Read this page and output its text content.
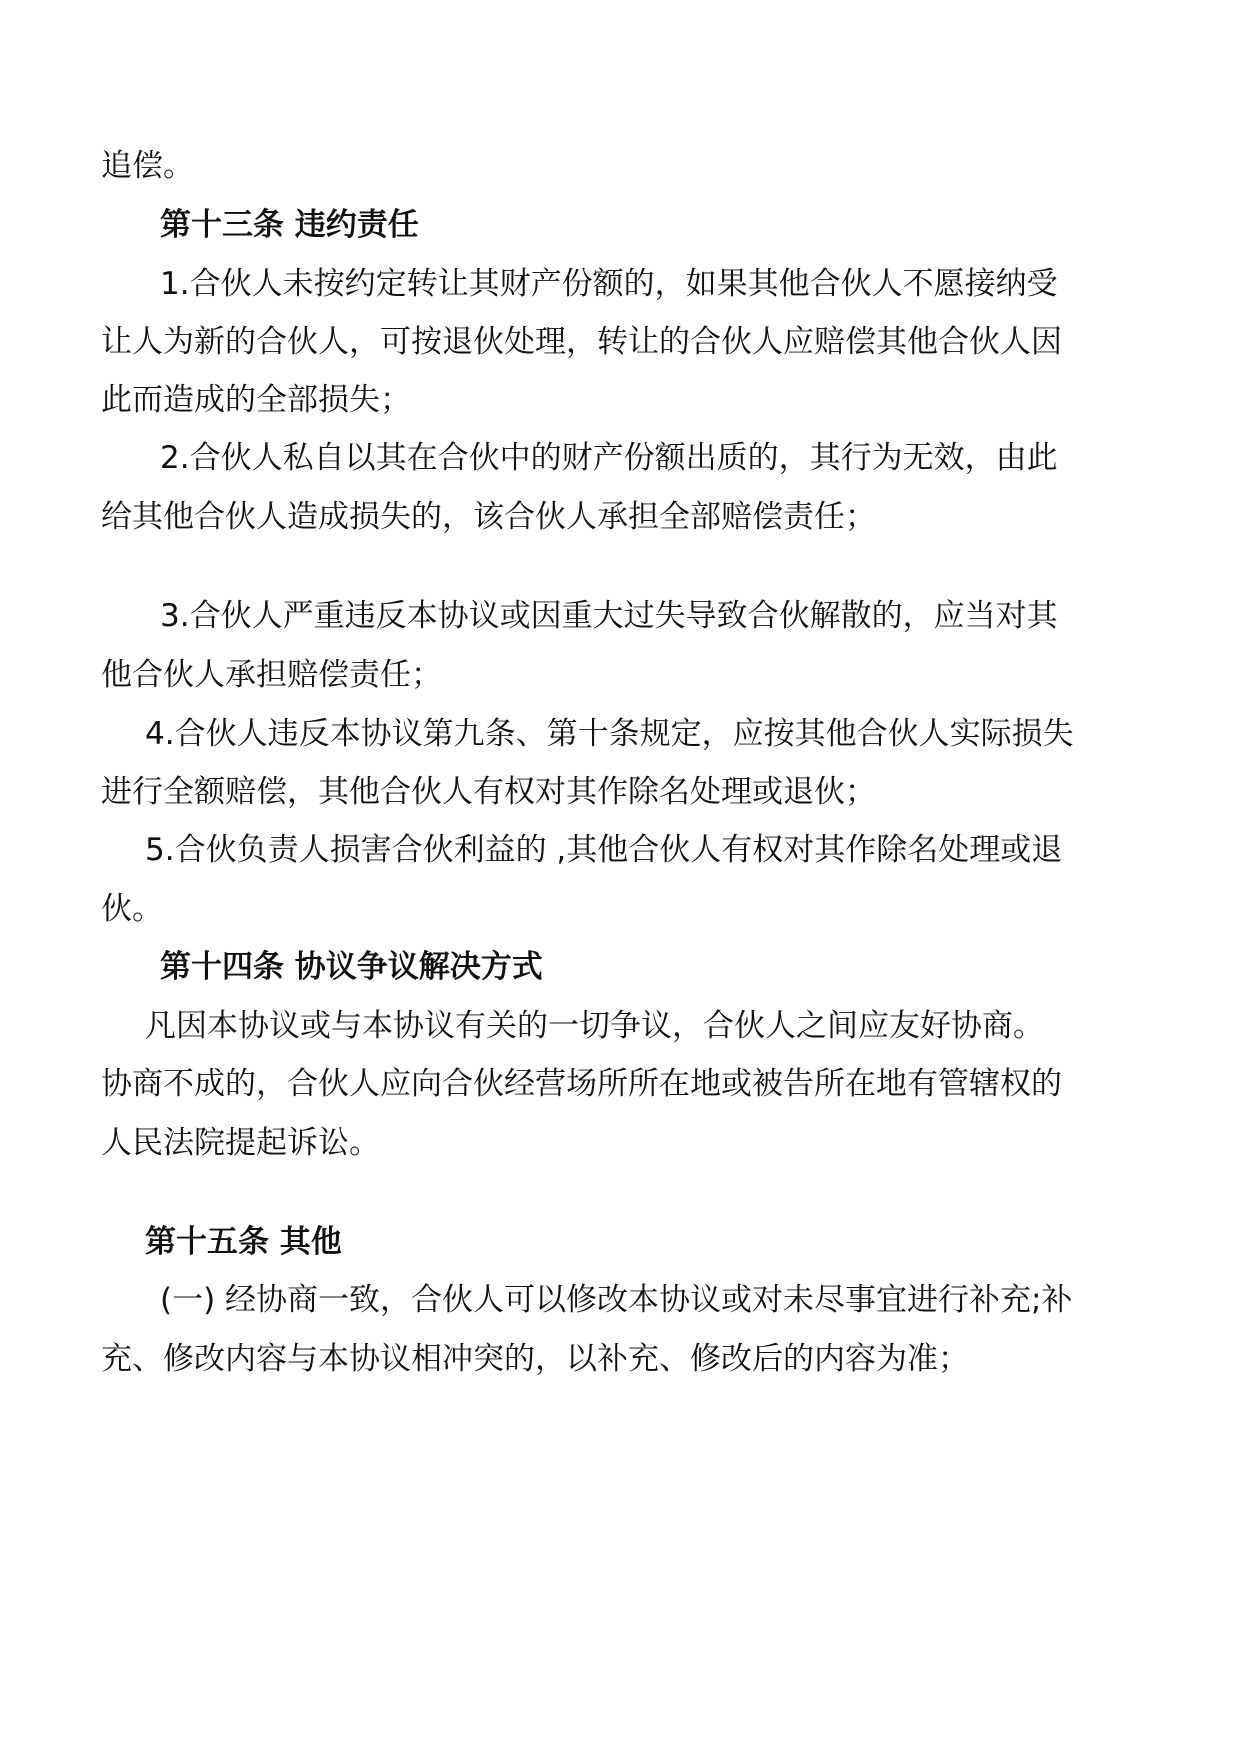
追偿。
第十三条 违约责任
1.合伙人未按约定转让其财产份额的，如果其他合伙人不愿接纳受
让人为新的合伙人，可按退伙处理，转让的合伙人应赔偿其他合伙人因
此而造成的全部损失；
2.合伙人私自以其在合伙中的财产份额出质的，其行为无效，由此
给其他合伙人造成损失的，该合伙人承担全部赔偿责任；
3.合伙人严重违反本协议或因重大过失导致合伙解散的，应当对其
他合伙人承担赔偿责任；
4.合伙人违反本协议第九条、第十条规定，应按其他合伙人实际损失
进行全额赔偿，其他合伙人有权对其作除名处理或退伙；
5.合伙负责人损害合伙利益的 ,其他合伙人有权对其作除名处理或退
伙。
第十四条 协议争议解决方式
凡因本协议或与本协议有关的一切争议，合伙人之间应友好协商。
协商不成的，合伙人应向合伙经营场所所在地或被告所在地有管辖权的
人民法院提起诉讼。
第十五条 其他
(一) 经协商一致，合伙人可以修改本协议或对未尽事宜进行补充;补
充、修改内容与本协议相冲突的，以补充、修改后的内容为准；
